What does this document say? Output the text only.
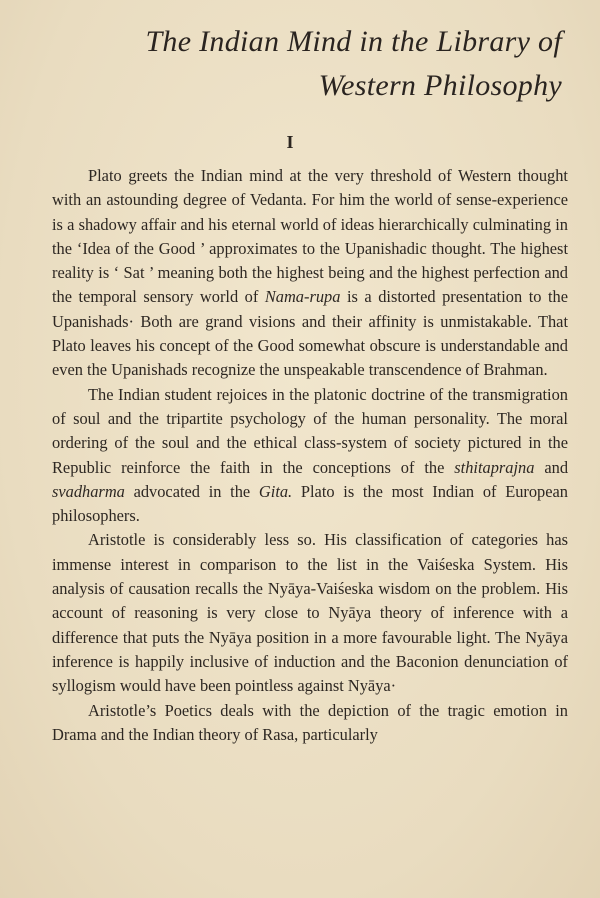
The Indian Mind in the Library of
Western Philosophy
I

Plato greets the Indian mind at the very threshold of Western thought with an astounding degree of Vedanta. For him the world of sense-experience is a shadowy affair and his eternal world of ideas hierarchically culminating in the ‘Idea of the Good ’ approximates to the Upanishadic thought. The highest reality is ‘ Sat ’ meaning both the highest being and the highest perfection and the temporal sensory world of Nama-rupa is a distorted presentation to the Upanishads· Both are grand visions and their affinity is unmistakable. That Plato leaves his concept of the Good somewhat obscure is understandable and even the Upanishads recognize the unspeakable transcendence of Brahman.

The Indian student rejoices in the platonic doctrine of the transmigration of soul and the tripartite psychology of the human personality. The moral ordering of the soul and the ethical class-system of society pictured in the Republic reinforce the faith in the conceptions of the sthitaprajna and svadharma advocated in the Gita. Plato is the most Indian of European philosophers.

Aristotle is considerably less so. His classification of categories has immense interest in comparison to the list in the Vaiśeska System. His analysis of causation recalls the Nyāya-Vaiśeska wisdom on the problem. His account of reasoning is very close to Nyāya theory of inference with a difference that puts the Nyāya position in a more favourable light. The Nyāya inference is happily inclusive of induction and the Baconion denunciation of syllogism would have been pointless against Nyāya·

Aristotle’s Poetics deals with the depiction of the tragic emotion in Drama and the Indian theory of Rasa, particularly
